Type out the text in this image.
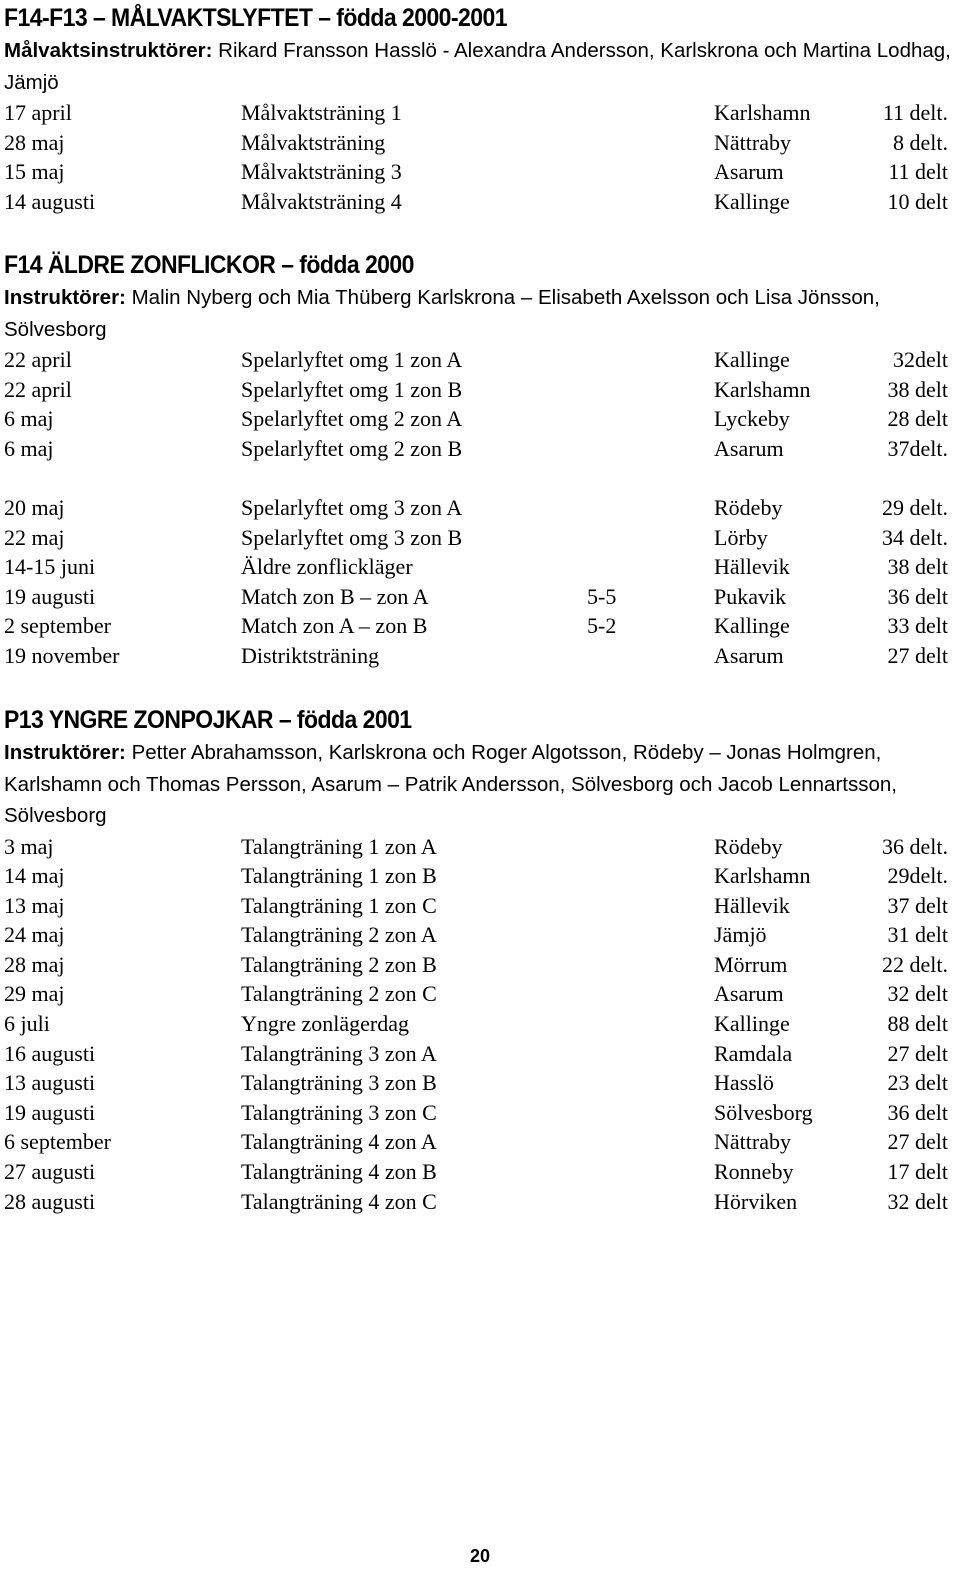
F14-F13 – MÅLVAKTSLYFTET – födda 2000-2001

Målvaktsinstruktörer: Rikard Fransson Hasslö - Alexandra Andersson, Karlskrona och Martina Lodhag, Jämjö

17 april	Målvaktsträning 1	Karlshamn	11 delt.
28 maj	Målvaktsträning	Nättraby	8 delt.
15 maj	Målvaktsträning 3	Asarum	11 delt
14 augusti	Målvaktsträning 4	Kallinge	10 delt
F14 ÄLDRE ZONFLICKOR – födda 2000

Instruktörer: Malin Nyberg och Mia Thüberg Karlskrona – Elisabeth Axelsson och Lisa Jönsson, Sölvesborg

22 april	Spelarlyftet omg 1 zon A	Kallinge	32delt
22 april	Spelarlyftet omg 1 zon B	Karlshamn	38 delt
6 maj	Spelarlyftet omg 2 zon A	Lyckeby	28 delt
6 maj	Spelarlyftet omg 2 zon B	Asarum	37delt.
20 maj	Spelarlyftet omg 3 zon A	Rödeby	29 delt.
22 maj	Spelarlyftet omg 3 zon B	Lörby	34 delt.
14-15 juni	Äldre zonflickläger	Hällevik	38 delt
19 augusti	Match zon B – zon A	5-5	Pukavik	36 delt
2 september	Match zon A – zon B	5-2	Kallinge	33 delt
19 november	Distriktsträning	Asarum	27 delt
P13 YNGRE ZONPOJKAR – födda 2001

Instruktörer: Petter Abrahamsson, Karlskrona och Roger Algotsson, Rödeby – Jonas Holmgren, Karlshamn och Thomas Persson, Asarum – Patrik Andersson, Sölvesborg och Jacob Lennartsson, Sölvesborg

3 maj	Talangträning 1 zon A	Rödeby	36 delt.
14 maj	Talangträning 1 zon B	Karlshamn	29delt.
13 maj	Talangträning 1 zon C	Hällevik	37 delt
24 maj	Talangträning 2 zon A	Jämjö	31 delt
28 maj	Talangträning 2 zon B	Mörrum	22 delt.
29 maj	Talangträning 2 zon C	Asarum	32 delt
6 juli	Yngre zonlägerdag	Kallinge	88 delt
16 augusti	Talangträning 3 zon A	Ramdala	27 delt
13 augusti	Talangträning 3 zon B	Hasslö	23 delt
19 augusti	Talangträning 3 zon C	Sölvesborg	36 delt
6 september	Talangträning 4 zon A	Nättraby	27 delt
27 augusti	Talangträning 4 zon B	Ronneby	17 delt
28 augusti	Talangträning 4 zon C	Hörviken	32 delt
20
